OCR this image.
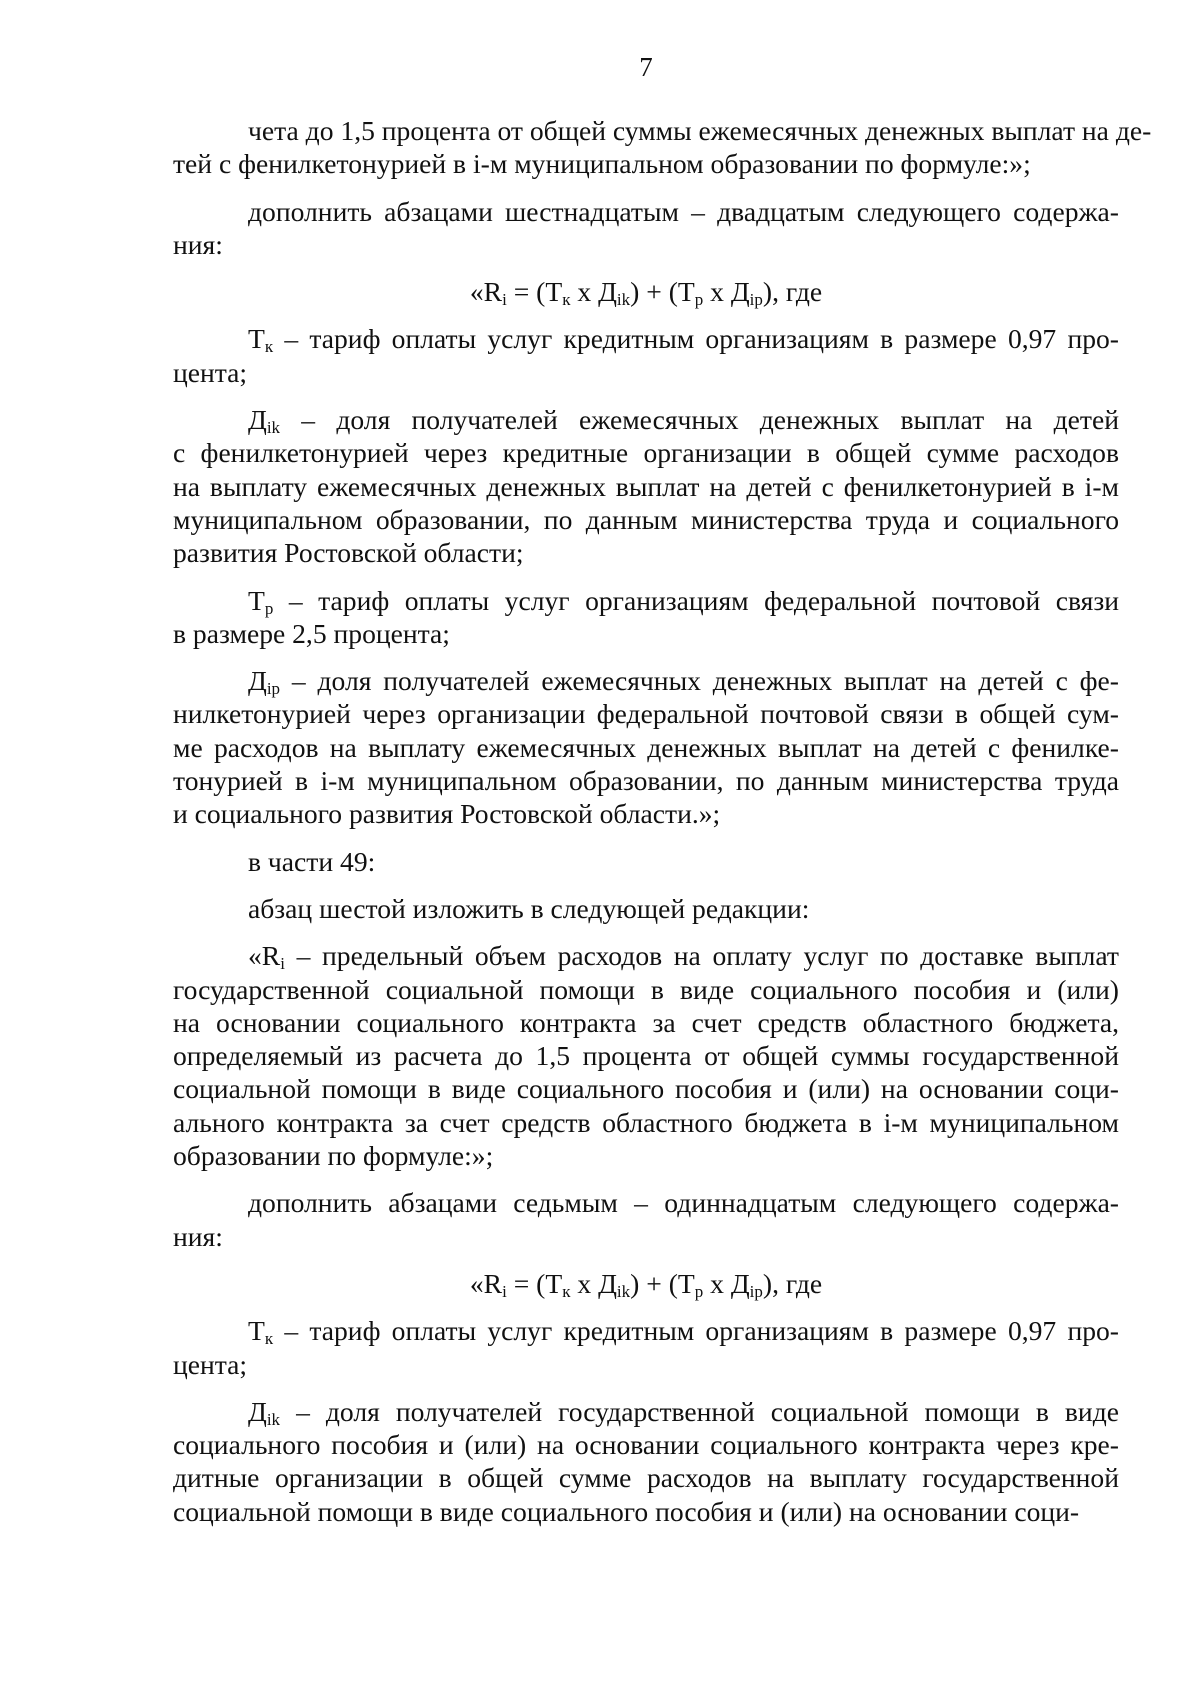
7
чета до 1,5 процента от общей суммы ежемесячных денежных выплат на де-
тей с фенилкетонурией в i-м муниципальном образовании по формуле:»;
дополнить абзацами шестнадцатым – двадцатым следующего содержа-
ния:
«$R_i = (T_к$ x $Д_{ik}) + (T_р$ x $Д_{ip}$), где
$T_к$ – тариф оплаты услуг кредитным организациям в размере 0,97 про-
цента;
$Д_{ik}$ – доля получателей ежемесячных денежных выплат на детей
с фенилкетонурией через кредитные организации в общей сумме расходов
на выплату ежемесячных денежных выплат на детей с фенилкетонурией в i-м
муниципальном образовании, по данным министерства труда и социального
развития Ростовской области;
$T_р$ – тариф оплаты услуг организациям федеральной почтовой связи
в размере 2,5 процента;
$Д_{ip}$ – доля получателей ежемесячных денежных выплат на детей с фе-
нилкетонурией через организации федеральной почтовой связи в общей сум-
ме расходов на выплату ежемесячных денежных выплат на детей с фенилке-
тонурией в i-м муниципальном образовании, по данным министерства труда
и социального развития Ростовской области.»;
в части 49:
абзац шестой изложить в следующей редакции:
«$R_i$ – предельный объем расходов на оплату услуг по доставке выплат
государственной социальной помощи в виде социального пособия и (или)
на основании социального контракта за счет средств областного бюджета,
определяемый из расчета до 1,5 процента от общей суммы государственной
социальной помощи в виде социального пособия и (или) на основании соци-
ального контракта за счет средств областного бюджета в i-м муниципальном
образовании по формуле:»;
дополнить абзацами седьмым – одиннадцатым следующего содержа-
ния:
«$R_i = (T_к$ x $Д_{ik}) + (T_р$ x $Д_{ip}$), где
$T_к$ – тариф оплаты услуг кредитным организациям в размере 0,97 про-
цента;
$Д_{ik}$ – доля получателей государственной социальной помощи в виде
социального пособия и (или) на основании социального контракта через кре-
дитные организации в общей сумме расходов на выплату государственной
социальной помощи в виде социального пособия и (или) на основании соци-
